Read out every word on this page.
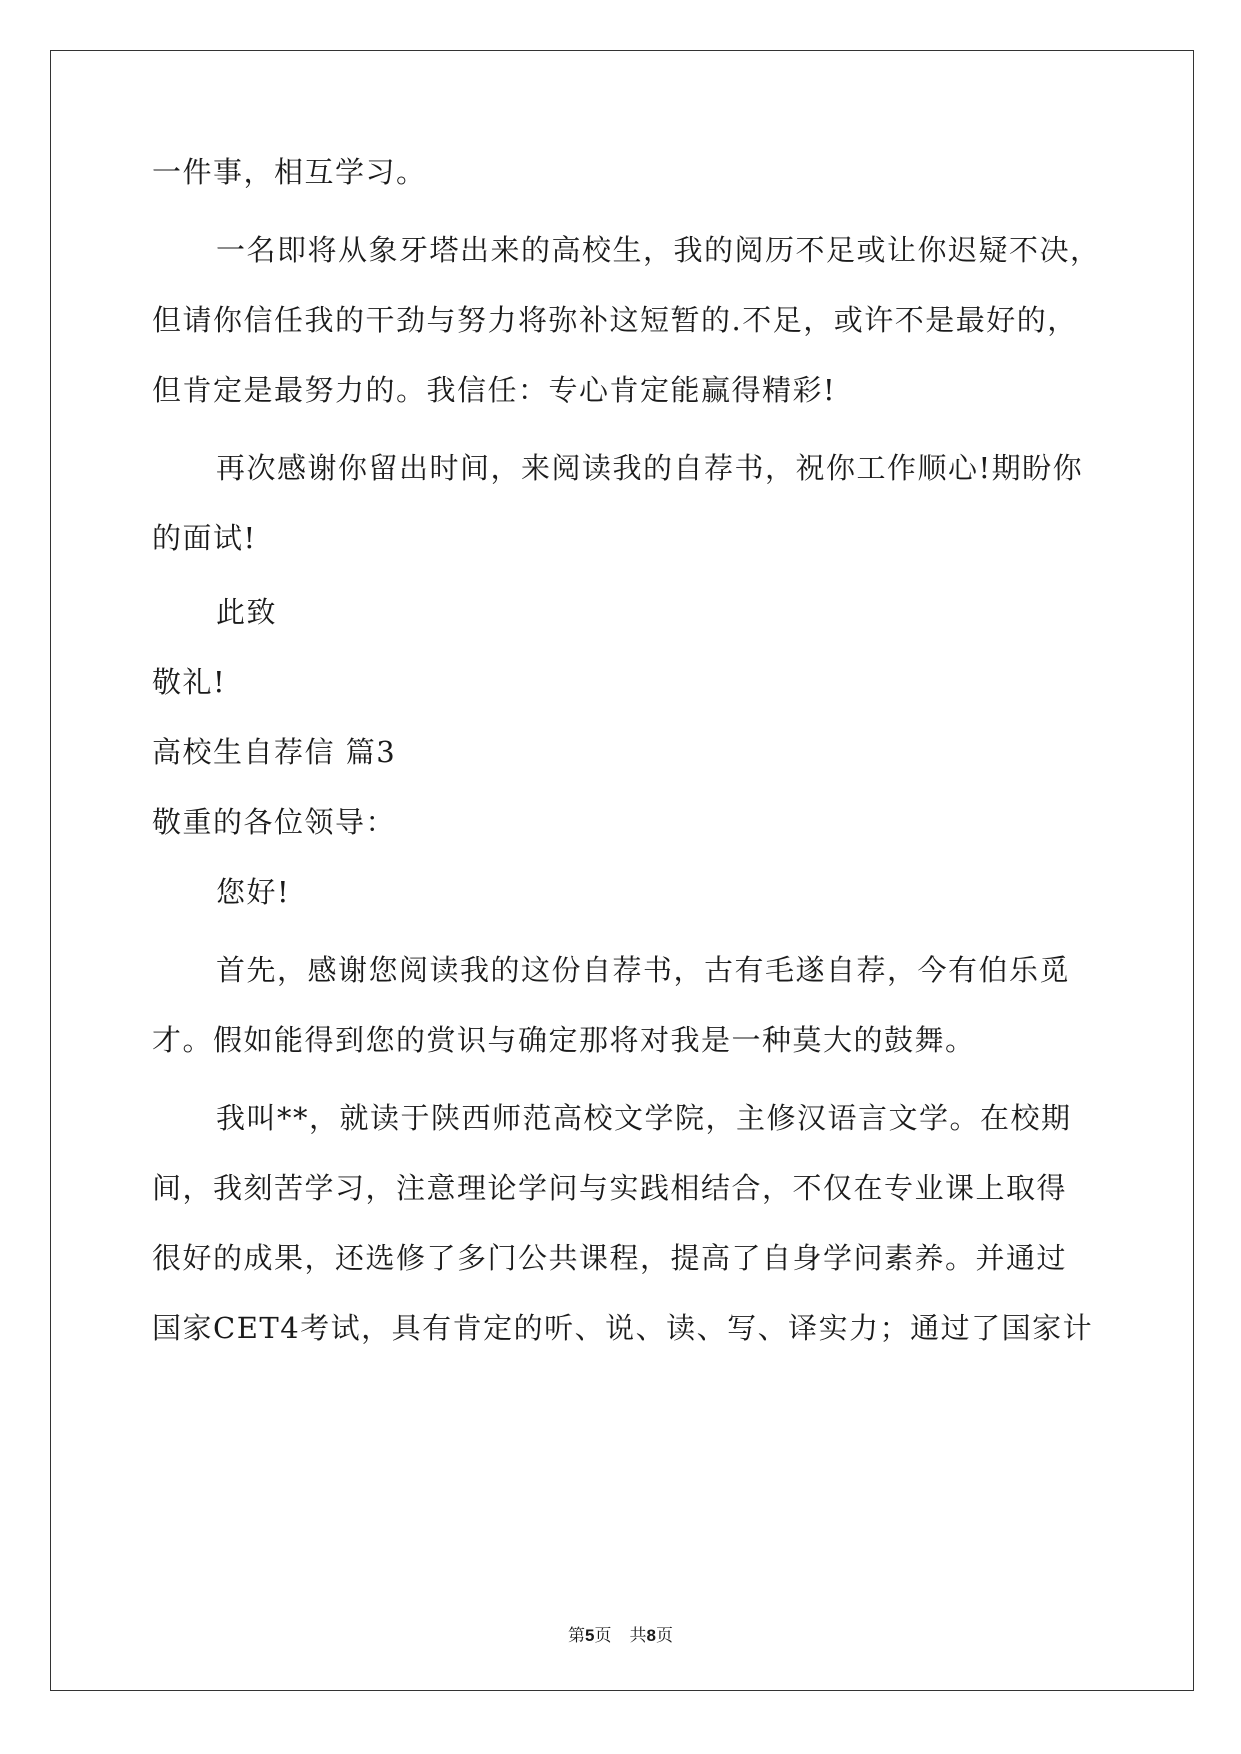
一件事，相互学习。
一名即将从象牙塔出来的高校生，我的阅历不足或让你迟疑不决，
但请你信任我的干劲与努力将弥补这短暂的.不足，或许不是最好的，
但肯定是最努力的。我信任：专心肯定能赢得精彩!
再次感谢你留出时间，来阅读我的自荐书，祝你工作顺心!期盼你
的面试!
此致
敬礼!
高校生自荐信 篇3
敬重的各位领导：
您好!
首先，感谢您阅读我的这份自荐书，古有毛遂自荐，今有伯乐觅
才。假如能得到您的赏识与确定那将对我是一种莫大的鼓舞。
我叫**，就读于陕西师范高校文学院，主修汉语言文学。在校期
间，我刻苦学习，注意理论学问与实践相结合，不仅在专业课上取得
很好的成果，还选修了多门公共课程，提高了自身学问素养。并通过
国家CET4考试，具有肯定的听、说、读、写、译实力；通过了国家计
第5页 共8页
